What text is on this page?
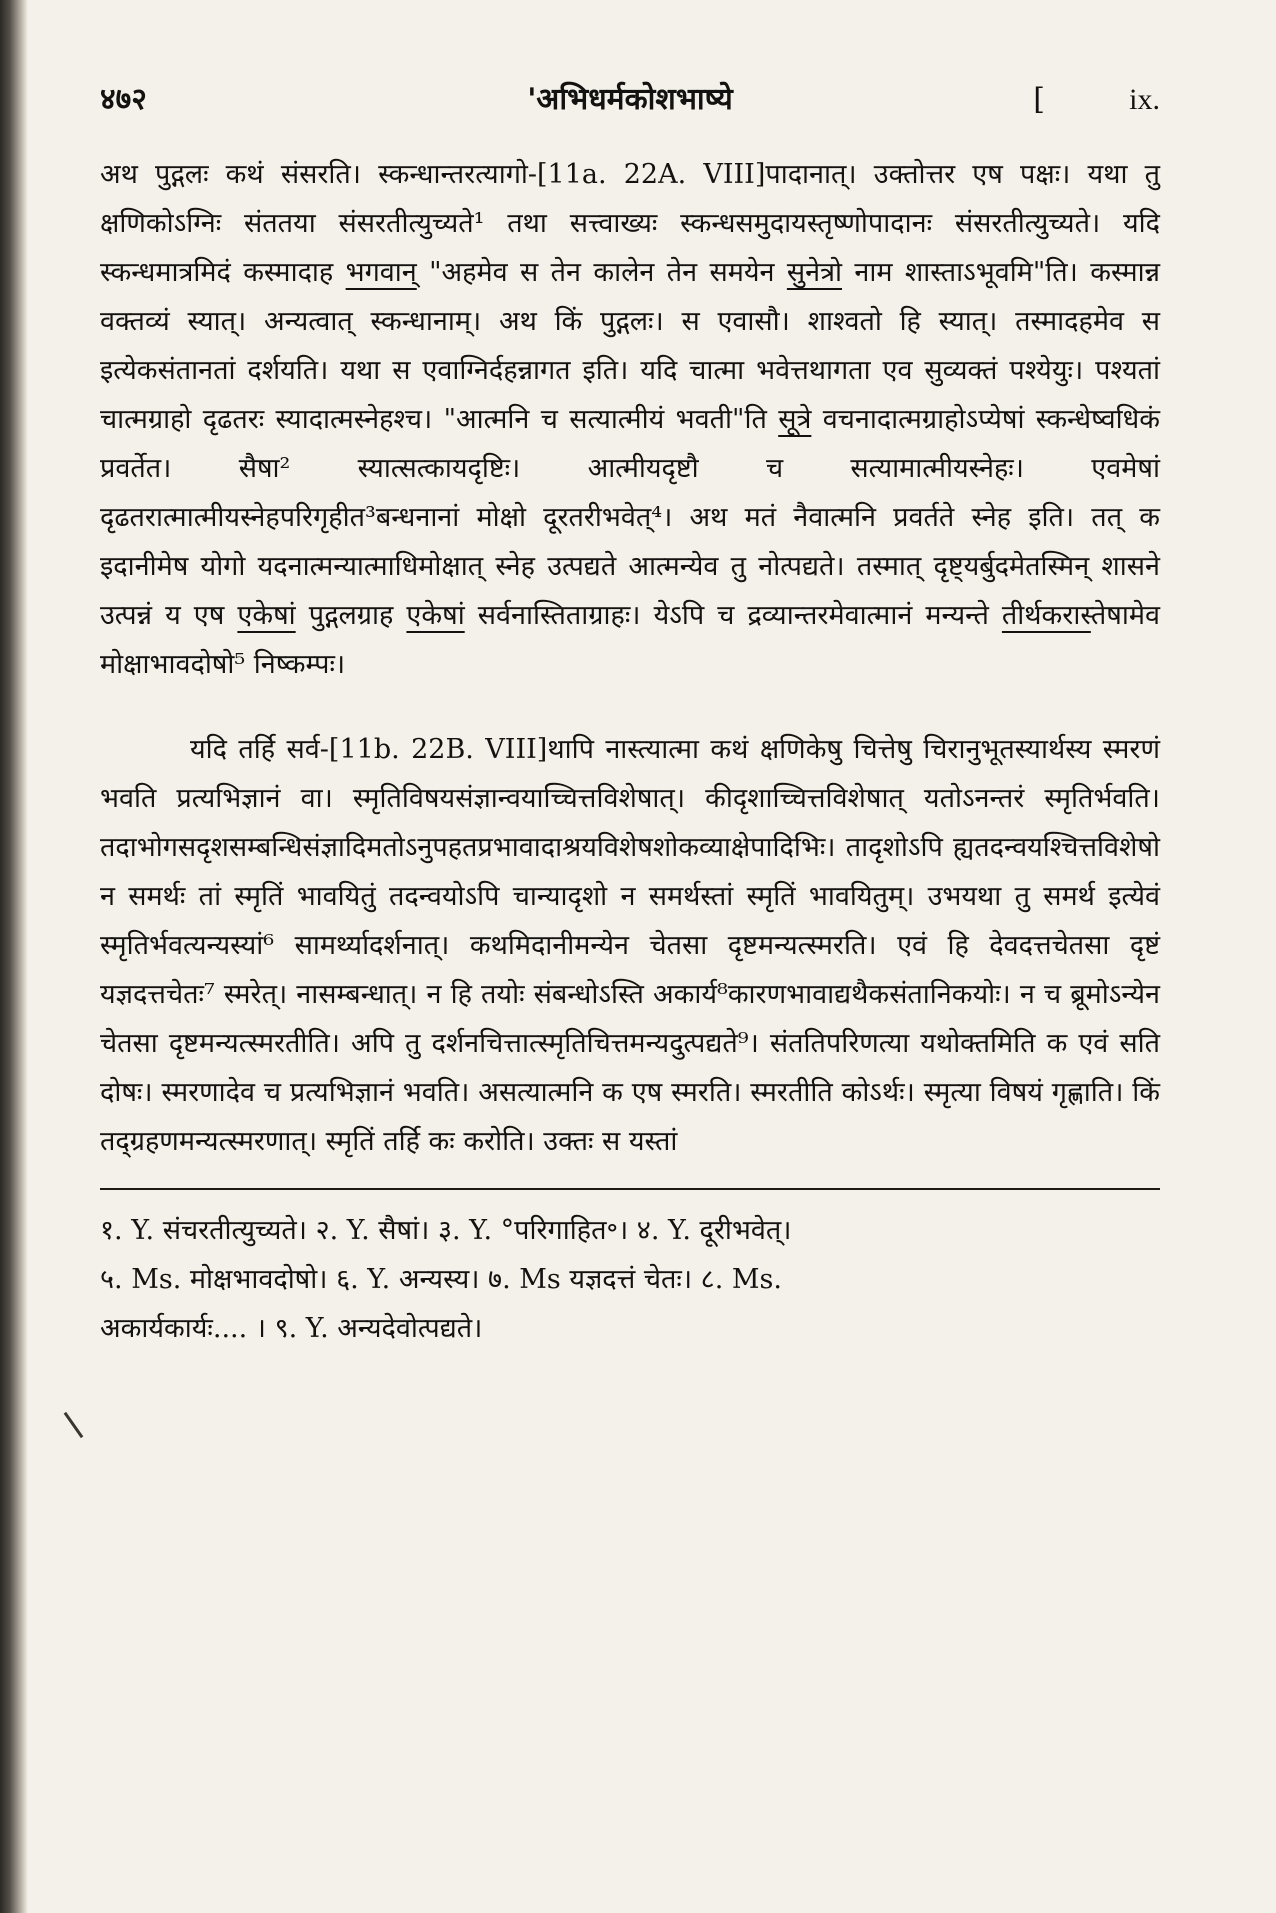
४७२	'अभिधर्मकोशभाष्ये	[	ix.

अथ पुद्गलः कथं संसरति। स्कन्धान्तरत्यागो-[11a. 22A. VIII]पादानात्। उक्तोत्तर एष पक्षः। यथा तु क्षणिकोऽग्निः संततया संसरतीत्युच्यते¹ तथा सत्त्वाख्यः स्कन्धसमुदायस्तृष्णोपादानः संसरतीत्युच्यते। यदि स्कन्धमात्रमिदं कस्मादाह भगवान् "अहमेव स तेन कालेन तेन समयेन सुनेत्रो नाम शास्ताऽभूवमि"ति। कस्मान्न वक्तव्यं स्यात्। अन्यत्वात् स्कन्धानाम्। अथ किं पुद्गलः। स एवासौ। शाश्वतो हि स्यात्। तस्मादहमेव स इत्येकसंतानतां दर्शयति। यथा स एवाग्निर्दहन्नागत इति। यदि चात्मा भवेत्तथागता एव सुव्यक्तं पश्येयुः। पश्यतां चात्मग्राहो दृढतरः स्यादात्मस्नेहश्च। "आत्मनि च सत्यात्मीयं भवती"ति सूत्रे वचनादात्मग्राहोऽप्येषां स्कन्धेष्वधिकं प्रवर्तेत। सैषा² स्यात्सत्कायदृष्टिः। आत्मीयदृष्टौ च सत्यामात्मीयस्नेहः। एवमेषां दृढतरात्मात्मीयस्नेहपरिगृहीत³बन्धनानां मोक्षो दूरतरीभवेत्⁴। अथ मतं नैवात्मनि प्रवर्तते स्नेह इति। तत् क इदानीमेष योगो यदनात्मन्यात्माधिमोक्षात् स्नेह उत्पद्यते आत्मन्येव तु नोत्पद्यते। तस्मात् दृष्ट्यर्बुदमेतस्मिन् शासने उत्पन्नं य एष एकेषां पुद्गलग्राह एकेषां सर्वनास्तिताग्राहः। येऽपि च द्रव्यान्तरमेवात्मानं मन्यन्ते तीर्थकरास्तेषामेव मोक्षाभावदोषो⁵ निष्कम्पः।

यदि तर्हि सर्व-[11b. 22B. VIII]थापि नास्त्यात्मा कथं क्षणिकेषु चित्तेषु चिरानुभूतस्यार्थस्य स्मरणं भवति प्रत्यभिज्ञानं वा। स्मृतिविषयसंज्ञान्वयाच्चित्तविशेषात्। कीदृशाच्चित्तविशेषात् यतोऽनन्तरं स्मृतिर्भवति। तदाभोगसदृशसम्बन्धिसंज्ञादिमतोऽनुपहतप्रभावादाश्रयविशेषशोकव्याक्षेपादिभिः। तादृशोऽपि ह्यतदन्वयश्चित्तविशेषो न समर्थः तां स्मृतिं भावयितुं तदन्वयोऽपि चान्यादृशो न समर्थस्तां स्मृतिं भावयितुम्। उभयथा तु समर्थ इत्येवं स्मृतिर्भवत्यन्यस्यां⁶ सामर्थ्यादर्शनात्। कथमिदानीमन्येन चेतसा दृष्टमन्यत्स्मरति। एवं हि देवदत्तचेतसा दृष्टं यज्ञदत्तचेतः⁷ स्मरेत्। नासम्बन्धात्। न हि तयोः संबन्धोऽस्ति अकार्य⁸कारणभावाद्यथैकसंतानिकयोः। न च ब्रूमोऽन्येन चेतसा दृष्टमन्यत्स्मरतीति। अपि तु दर्शनचित्तात्स्मृतिचित्तमन्यदुत्पद्यते⁹। संततिपरिणत्या यथोक्तमिति क एवं सति दोषः। स्मरणादेव च प्रत्यभिज्ञानं भवति। असत्यात्मनि क एष स्मरति। स्मरतीति कोऽर्थः। स्मृत्या विषयं गृह्णाति। किं तद्ग्रहणमन्यत्स्मरणात्। स्मृतिं तर्हि कः करोति। उक्तः स यस्तां

१. Y. संचरतीत्युच्यते। २. Y. सैषां। ३. Y. °परिगाहित॰। ४. Y. दूरीभवेत्।

५. Ms. मोक्षभावदोषो। ६. Y. अन्यस्य। ७. Ms यज्ञदत्तं चेतः। ८. Ms.

अकार्यकार्यः.... । ९. Y. अन्यदेवोत्पद्यते।
